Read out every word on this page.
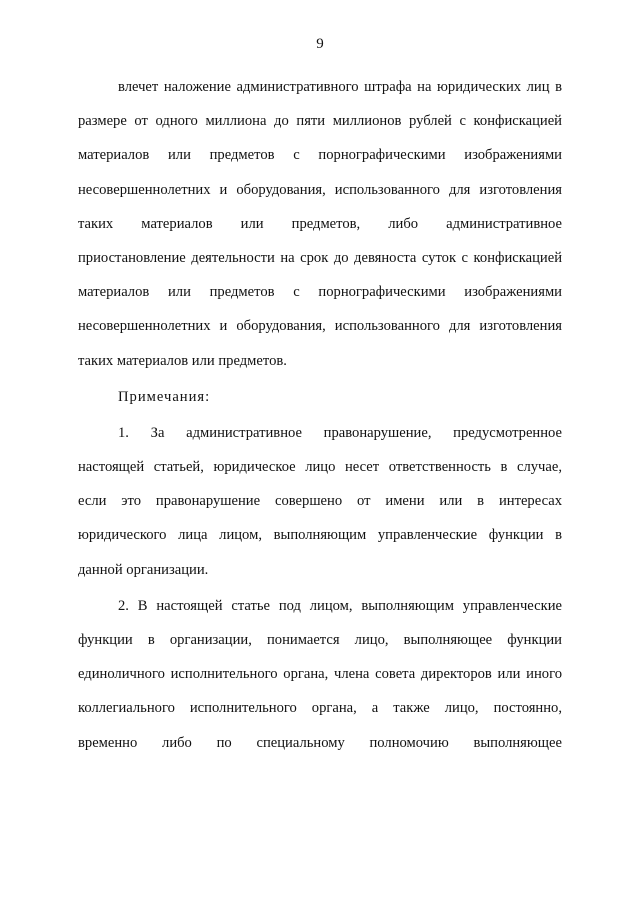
9
влечет наложение административного штрафа на юридических лиц в
размере от одного миллиона до пяти миллионов рублей с конфискацией
материалов или предметов с порнографическими изображениями
несовершеннолетних и оборудования, использованного для изготовления
таких материалов или предметов, либо административное
приостановление деятельности на срок до девяноста суток с конфискацией
материалов или предметов с порнографическими изображениями
несовершеннолетних и оборудования, использованного для изготовления
таких материалов или предметов.
Примечания:
1. За административное правонарушение, предусмотренное
настоящей статьей, юридическое лицо несет ответственность в случае,
если это правонарушение совершено от имени или в интересах
юридического лица лицом, выполняющим управленческие функции в
данной организации.
2. В настоящей статье под лицом, выполняющим управленческие
функции в организации, понимается лицо, выполняющее функции
единоличного исполнительного органа, члена совета директоров или иного
коллегиального исполнительного органа, а также лицо, постоянно,
временно либо по специальному полномочию выполняющее
